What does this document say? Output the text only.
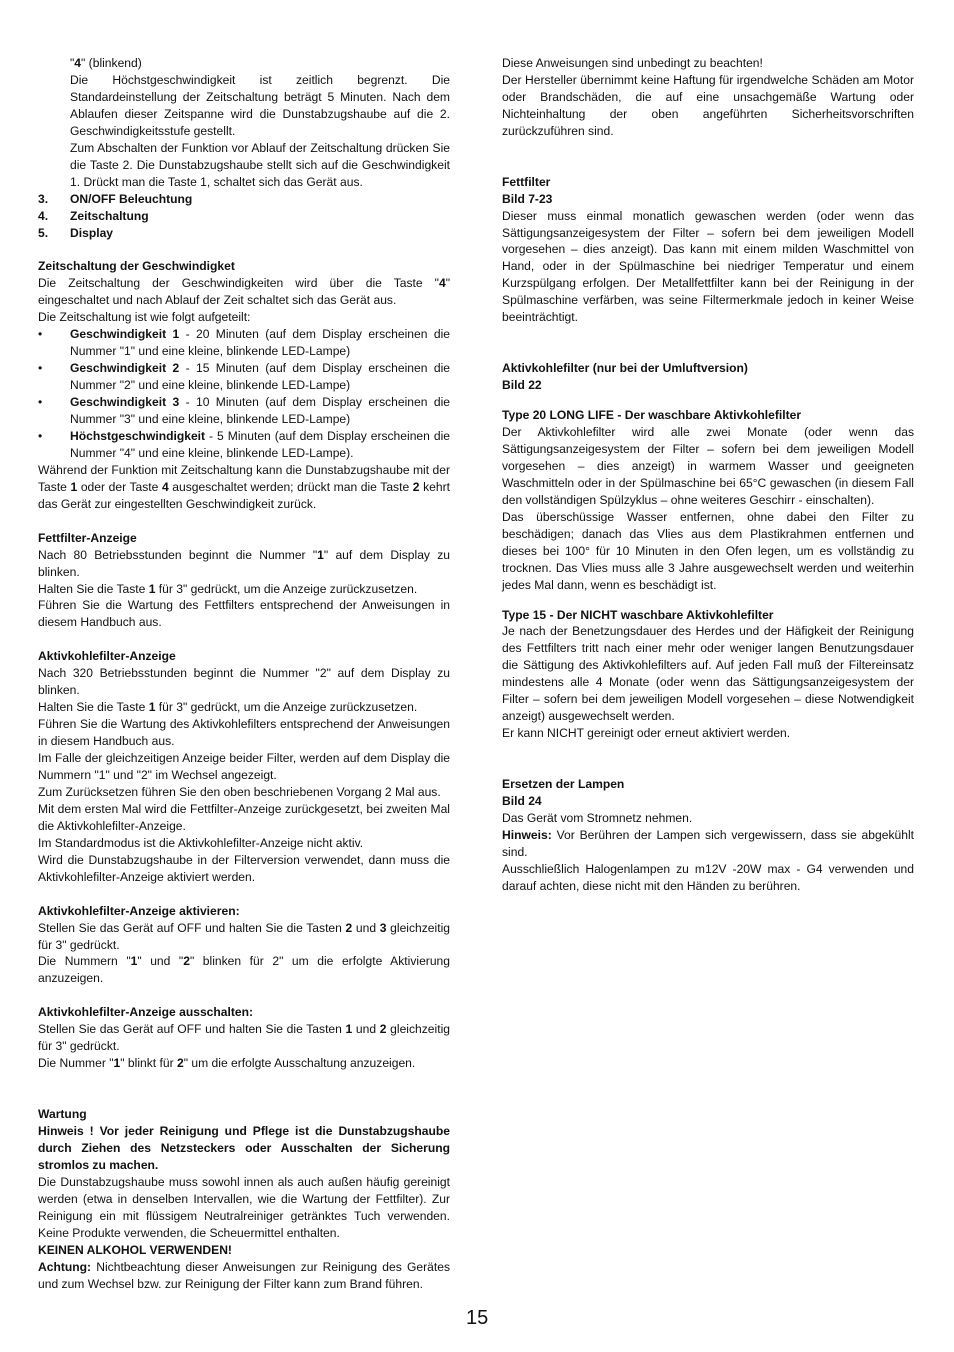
"4" (blinkend)

Die Höchstgeschwindigkeit ist zeitlich begrenzt. Die Standardeinstellung der Zeitschaltung beträgt 5 Minuten. Nach dem Ablaufen dieser Zeitspanne wird die Dunstabzugshaube auf die 2. Geschwindigkeitsstufe gestellt.

Zum Abschalten der Funktion vor Ablauf der Zeitschaltung drücken Sie die Taste 2. Die Dunstabzugshaube stellt sich auf die Geschwindigkeit 1. Drückt man die Taste 1, schaltet sich das Gerät aus.

3.	ON/OFF Beleuchtung
4.	Zeitschaltung
5.	Display

Zeitschaltung der Geschwindigket

Die Zeitschaltung der Geschwindigkeiten wird über die Taste "4" eingeschaltet und nach Ablauf der Zeit schaltet sich das Gerät aus.

Die Zeitschaltung ist wie folgt aufgeteilt:

•	Geschwindigkeit 1 - 20 Minuten (auf dem Display erscheinen die Nummer "1" und eine kleine, blinkende LED-Lampe)
•	Geschwindigkeit 2 - 15 Minuten (auf dem Display erscheinen die Nummer "2" und eine kleine, blinkende LED-Lampe)
•	Geschwindigkeit 3 - 10 Minuten (auf dem Display erscheinen die Nummer "3" und eine kleine, blinkende LED-Lampe)
•	Höchstgeschwindigkeit - 5 Minuten (auf dem Display erscheinen die Nummer "4" und eine kleine, blinkende LED-Lampe).

Während der Funktion mit Zeitschaltung kann die Dunstabzugshaube mit der Taste 1 oder der Taste 4 ausgeschaltet werden; drückt man die Taste 2 kehrt das Gerät zur eingestellten Geschwindigkeit zurück.

Fettfilter-Anzeige

Nach 80 Betriebsstunden beginnt die Nummer "1" auf dem Display zu blinken.

Halten Sie die Taste 1 für 3" gedrückt, um die Anzeige zurückzusetzen.

Führen Sie die Wartung des Fettfilters entsprechend der Anweisungen in diesem Handbuch aus.

Aktivkohlefilter-Anzeige

Nach 320 Betriebsstunden beginnt die Nummer "2" auf dem Display zu blinken.

Halten Sie die Taste 1 für 3" gedrückt, um die Anzeige zurückzusetzen.

Führen Sie die Wartung des Aktivkohlefilters entsprechend der Anweisungen in diesem Handbuch aus.

Im Falle der gleichzeitigen Anzeige beider Filter, werden auf dem Display die Nummern "1" und "2" im Wechsel angezeigt.

Zum Zurücksetzen führen Sie den oben beschriebenen Vorgang 2 Mal aus.

Mit dem ersten Mal wird die Fettfilter-Anzeige zurückgesetzt, bei zweiten Mal die Aktivkohlefilter-Anzeige.

Im Standardmodus ist die Aktivkohlefilter-Anzeige nicht aktiv.

Wird die Dunstabzugshaube in der Filterversion verwendet, dann muss die Aktivkohlefilter-Anzeige aktiviert werden.

Aktivkohlefilter-Anzeige aktivieren:

Stellen Sie das Gerät auf OFF und halten Sie die Tasten 2 und 3 gleichzeitig für 3" gedrückt.

Die Nummern "1" und "2" blinken für 2" um die erfolgte Aktivierung anzuzeigen.

Aktivkohlefilter-Anzeige ausschalten:

Stellen Sie das Gerät auf OFF und halten Sie die Tasten 1 und 2 gleichzeitig für 3" gedrückt.

Die Nummer "1" blinkt für 2" um die erfolgte Ausschaltung anzuzeigen.

Wartung

Hinweis ! Vor jeder Reinigung und Pflege ist die Dunstabzugshaube durch Ziehen des Netzsteckers oder Ausschalten der Sicherung stromlos zu machen.

Die Dunstabzugshaube muss sowohl innen als auch außen häufig gereinigt werden (etwa in denselben Intervallen, wie die Wartung der Fettfilter). Zur Reinigung ein mit flüssigem Neutralreiniger getränktes Tuch verwenden. Keine Produkte verwenden, die Scheuermittel enthalten.

KEINEN ALKOHOL VERWENDEN!

Achtung: Nichtbeachtung dieser Anweisungen zur Reinigung des Gerätes und zum Wechsel bzw. zur Reinigung der Filter kann zum Brand führen.

Diese Anweisungen sind unbedingt zu beachten!

Der Hersteller übernimmt keine Haftung für irgendwelche Schäden am Motor oder Brandschäden, die auf eine unsachgemäße Wartung oder Nichteinhaltung der oben angeführten Sicherheitsvorschriften zurückzuführen sind.

Fettfilter

Bild 7-23

Dieser muss einmal monatlich gewaschen werden (oder wenn das Sättigungsanzeigesystem der Filter – sofern bei dem jeweiligen Modell vorgesehen – dies anzeigt). Das kann mit einem milden Waschmittel von Hand, oder in der Spülmaschine bei niedriger Temperatur und einem Kurzspülgang erfolgen. Der Metallfettfilter kann bei der Reinigung in der Spülmaschine verfärben, was seine Filtermerkmale jedoch in keiner Weise beeinträchtigt.

Aktivkohlefilter (nur bei der Umluftversion)

Bild 22

Type 20 LONG LIFE - Der waschbare Aktivkohlefilter

Der Aktivkohlefilter wird alle zwei Monate (oder wenn das Sättigungsanzeigesystem der Filter – sofern bei dem jeweiligen Modell vorgesehen – dies anzeigt) in warmem Wasser und geeigneten Waschmitteln oder in der Spülmaschine bei 65°C gewaschen (in diesem Fall den vollständigen Spülzyklus – ohne weiteres Geschirr - einschalten).

Das überschüssige Wasser entfernen, ohne dabei den Filter zu beschädigen; danach das Vlies aus dem Plastikrahmen entfernen und dieses bei 100° für 10 Minuten in den Ofen legen, um es vollständig zu trocknen. Das Vlies muss alle 3 Jahre ausgewechselt werden und weiterhin jedes Mal dann, wenn es beschädigt ist.

Type 15 - Der NICHT waschbare Aktivkohlefilter

Je nach der Benetzungsdauer des Herdes und der Häfigkeit der Reinigung des Fettfilters tritt nach einer mehr oder weniger langen Benutzungsdauer die Sättigung des Aktivkohlefilters auf. Auf jeden Fall muß der Filtereinsatz mindestens alle 4 Monate (oder wenn das Sättigungsanzeigesystem der Filter – sofern bei dem jeweiligen Modell vorgesehen – diese Notwendigkeit anzeigt) ausgewechselt werden.

Er kann NICHT gereinigt oder erneut aktiviert werden.

Ersetzen der Lampen

Bild 24

Das Gerät vom Stromnetz nehmen.

Hinweis: Vor Berühren der Lampen sich vergewissern, dass sie abgekühlt sind.

Ausschließlich Halogenlampen zu m12V -20W max - G4 verwenden und darauf achten, diese nicht mit den Händen zu berühren.

15
